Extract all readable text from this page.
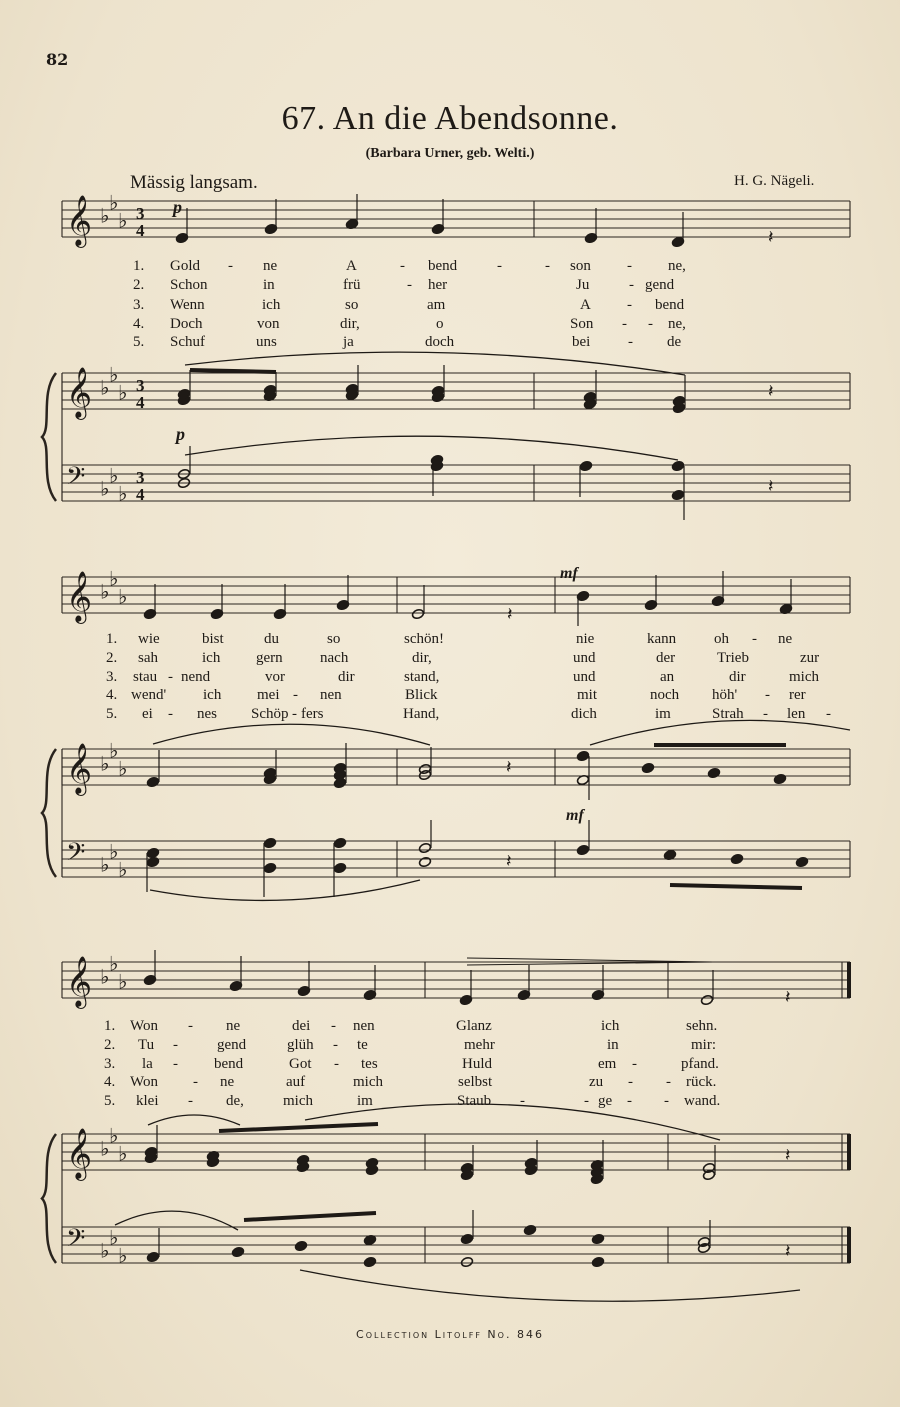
82
67. An die Abendsonne.
(Barbara Urner, geb. Welti.)
Mässig langsam.	H. G. Nägeli.
𝄞 ♭
♭
♭
𝄞 ♭
♭
♭
𝄢 ♭
♭
♭
𝄞 ♭
♭
♭
𝄞 ♭
♭
♭
𝄢 ♭
♭
♭
𝄞 ♭
♭
♭
𝄞 ♭
♭
♭
𝄢 ♭
♭
♭
𝄽
𝄽
𝄽
𝄽
𝄽
𝄽
𝄽
𝄽
𝄽
p
p
mf
mf
3
4
3
4
3
4
1. Gold - ne	A	- bend	-	- son - ne,
2. Schon	in	frü	- her	Ju	- gend
3. Wenn	ich	so	am	A - bend
4. Doch	von	dir,	o	Son - - ne,
5. Schuf	uns	ja	doch	bei	- de
1. wie	bist	du	so	schön!	nie	kann	oh - ne
2. sah	ich gern nach	dir,	und	der	Trieb	zur
3. stau - nend	vor	dir	stand,	und	an	dir	mich
4. wend' ich mei - nen	Blick	mit	noch höh' - rer
5. ei - nes Schöp - fers	Hand,	dich	im	Strah - len -
1. Won - ne	dei - nen	Glanz	ich	sehn.
2. Tu -	gend	glüh - te	mehr	in	mir:
3. la - bend	Got - tes	Huld	em -	pfand.
4. Won - ne	auf	mich	selbst	zu - - rück.
5. klei - de,	mich	im	Staub -	- ge - - wand.
Collection Litolff No. 846
